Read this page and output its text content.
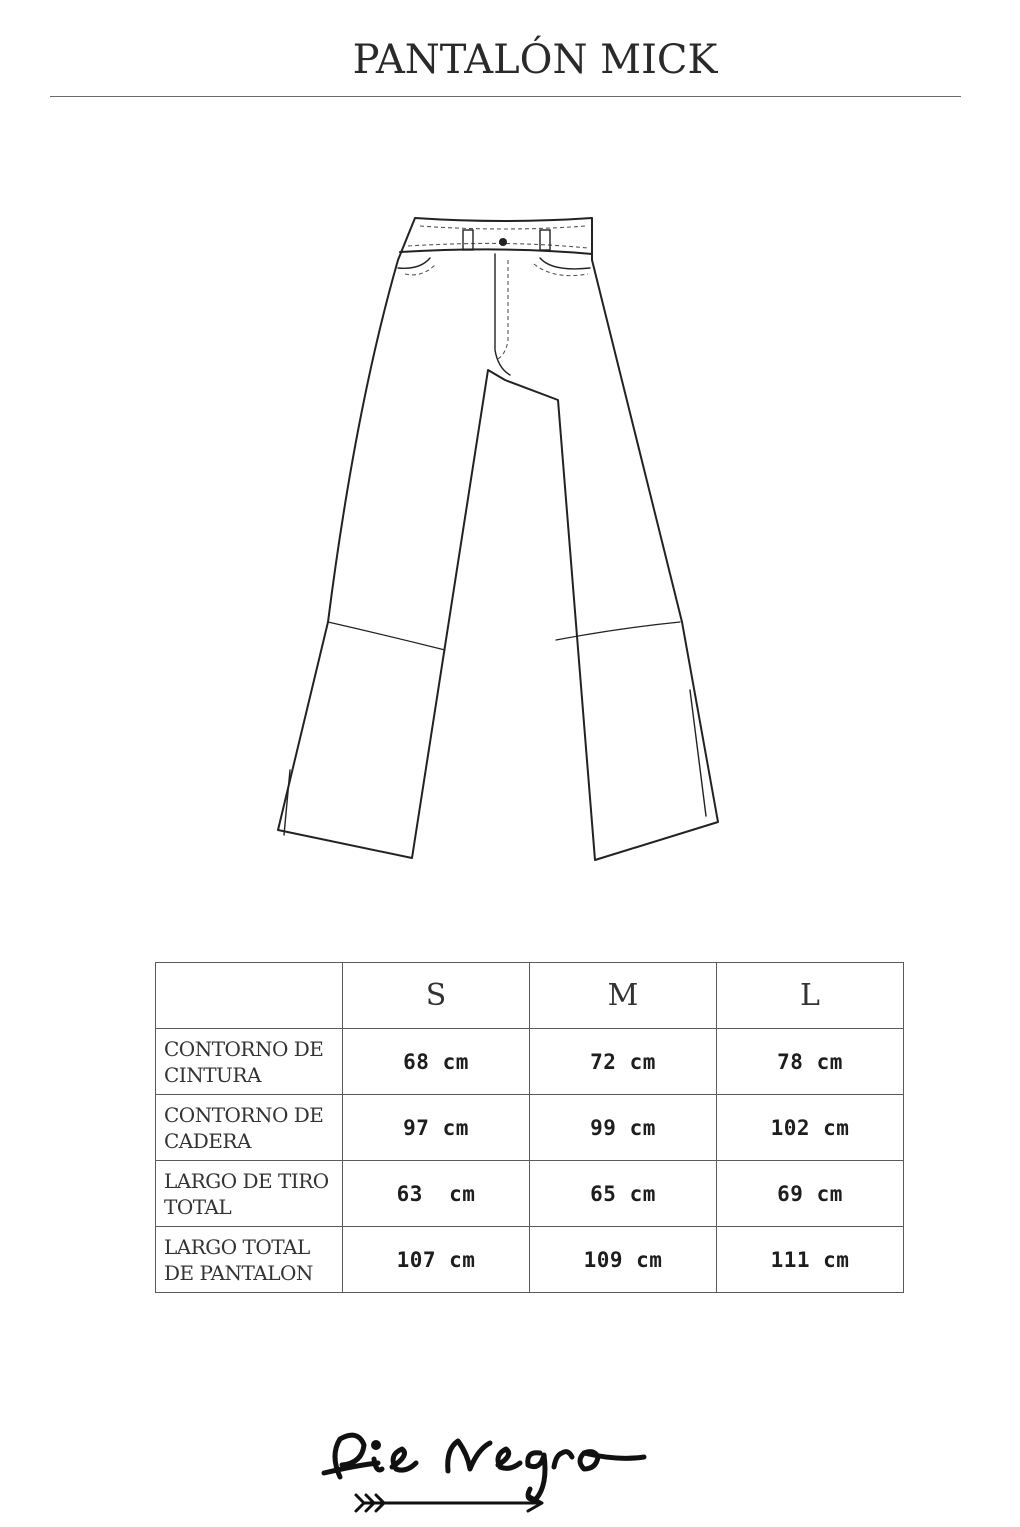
PANTALÓN MICK
	S	M	L

CONTORNO DE
CINTURA	68 cm	72 cm	78 cm

CONTORNO DE
CADERA	97 cm	99 cm	102 cm

LARGO DE TIRO
TOTAL	63  cm	65 cm	69 cm

LARGO TOTAL
DE PANTALON	107 cm	109 cm	111 cm
